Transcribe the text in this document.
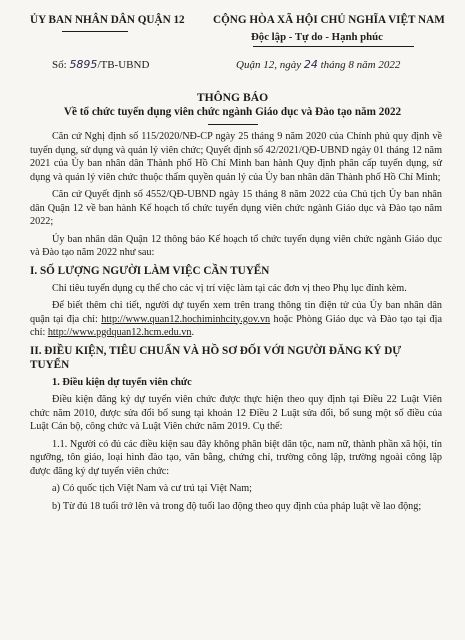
ỦY BAN NHÂN DÂN QUẬN 12	CỘNG HÒA XÃ HỘI CHỦ NGHĨA VIỆT NAM
Độc lập - Tự do - Hạnh phúc
Số: 5895/TB-UBND	Quận 12, ngày 24 tháng 8 năm 2022
THÔNG BÁO
Về tổ chức tuyển dụng viên chức ngành Giáo dục và Đào tạo năm 2022

Căn cứ Nghị định số 115/2020/NĐ-CP ngày 25 tháng 9 năm 2020 của Chính phủ quy định về tuyển dụng, sử dụng và quản lý viên chức; Quyết định số 42/2021/QĐ-UBND ngày 01 tháng 12 năm 2021 của Ủy ban nhân dân Thành phố Hồ Chí Minh ban hành Quy định phân cấp tuyển dụng, sử dụng và quản lý viên chức thuộc thẩm quyền quản lý của Ủy ban nhân dân Thành phố Hồ Chí Minh;

Căn cứ Quyết định số 4552/QĐ-UBND ngày 15 tháng 8 năm 2022 của Chủ tịch Ủy ban nhân dân Quận 12 về ban hành Kế hoạch tổ chức tuyển dụng viên chức ngành Giáo dục và Đào tạo năm 2022;

Ủy ban nhân dân Quận 12 thông báo Kế hoạch tổ chức tuyển dụng viên chức ngành Giáo dục và Đào tạo năm 2022 như sau:

I. SỐ LƯỢNG NGƯỜI LÀM VIỆC CẦN TUYỂN

Chỉ tiêu tuyển dụng cụ thể cho các vị trí việc làm tại các đơn vị theo Phụ lục đính kèm.

Để biết thêm chi tiết, người dự tuyển xem trên trang thông tin điện tử của Ủy ban nhân dân quận tại địa chỉ: http://www.quan12.hochiminhcity.gov.vn hoặc Phòng Giáo dục và Đào tạo tại địa chỉ: http://www.pgdquan12.hcm.edu.vn.

II. ĐIỀU KIỆN, TIÊU CHUẨN VÀ HỒ SƠ ĐỐI VỚI NGƯỜI ĐĂNG KÝ DỰ TUYỂN
1. Điều kiện dự tuyển viên chức

Điều kiện đăng ký dự tuyển viên chức được thực hiện theo quy định tại Điều 22 Luật Viên chức năm 2010, được sửa đổi bổ sung tại khoản 12 Điều 2 Luật sửa đổi, bổ sung một số điều của Luật Cán bộ, công chức và Luật Viên chức năm 2019. Cụ thể:

1.1. Người có đủ các điều kiện sau đây không phân biệt dân tộc, nam nữ, thành phần xã hội, tín ngưỡng, tôn giáo, loại hình đào tạo, văn bằng, chứng chỉ, trường công lập, trường ngoài công lập được đăng ký dự tuyển viên chức:

a) Có quốc tịch Việt Nam và cư trú tại Việt Nam;

b) Từ đủ 18 tuổi trở lên và trong độ tuổi lao động theo quy định của pháp luật về lao động;
